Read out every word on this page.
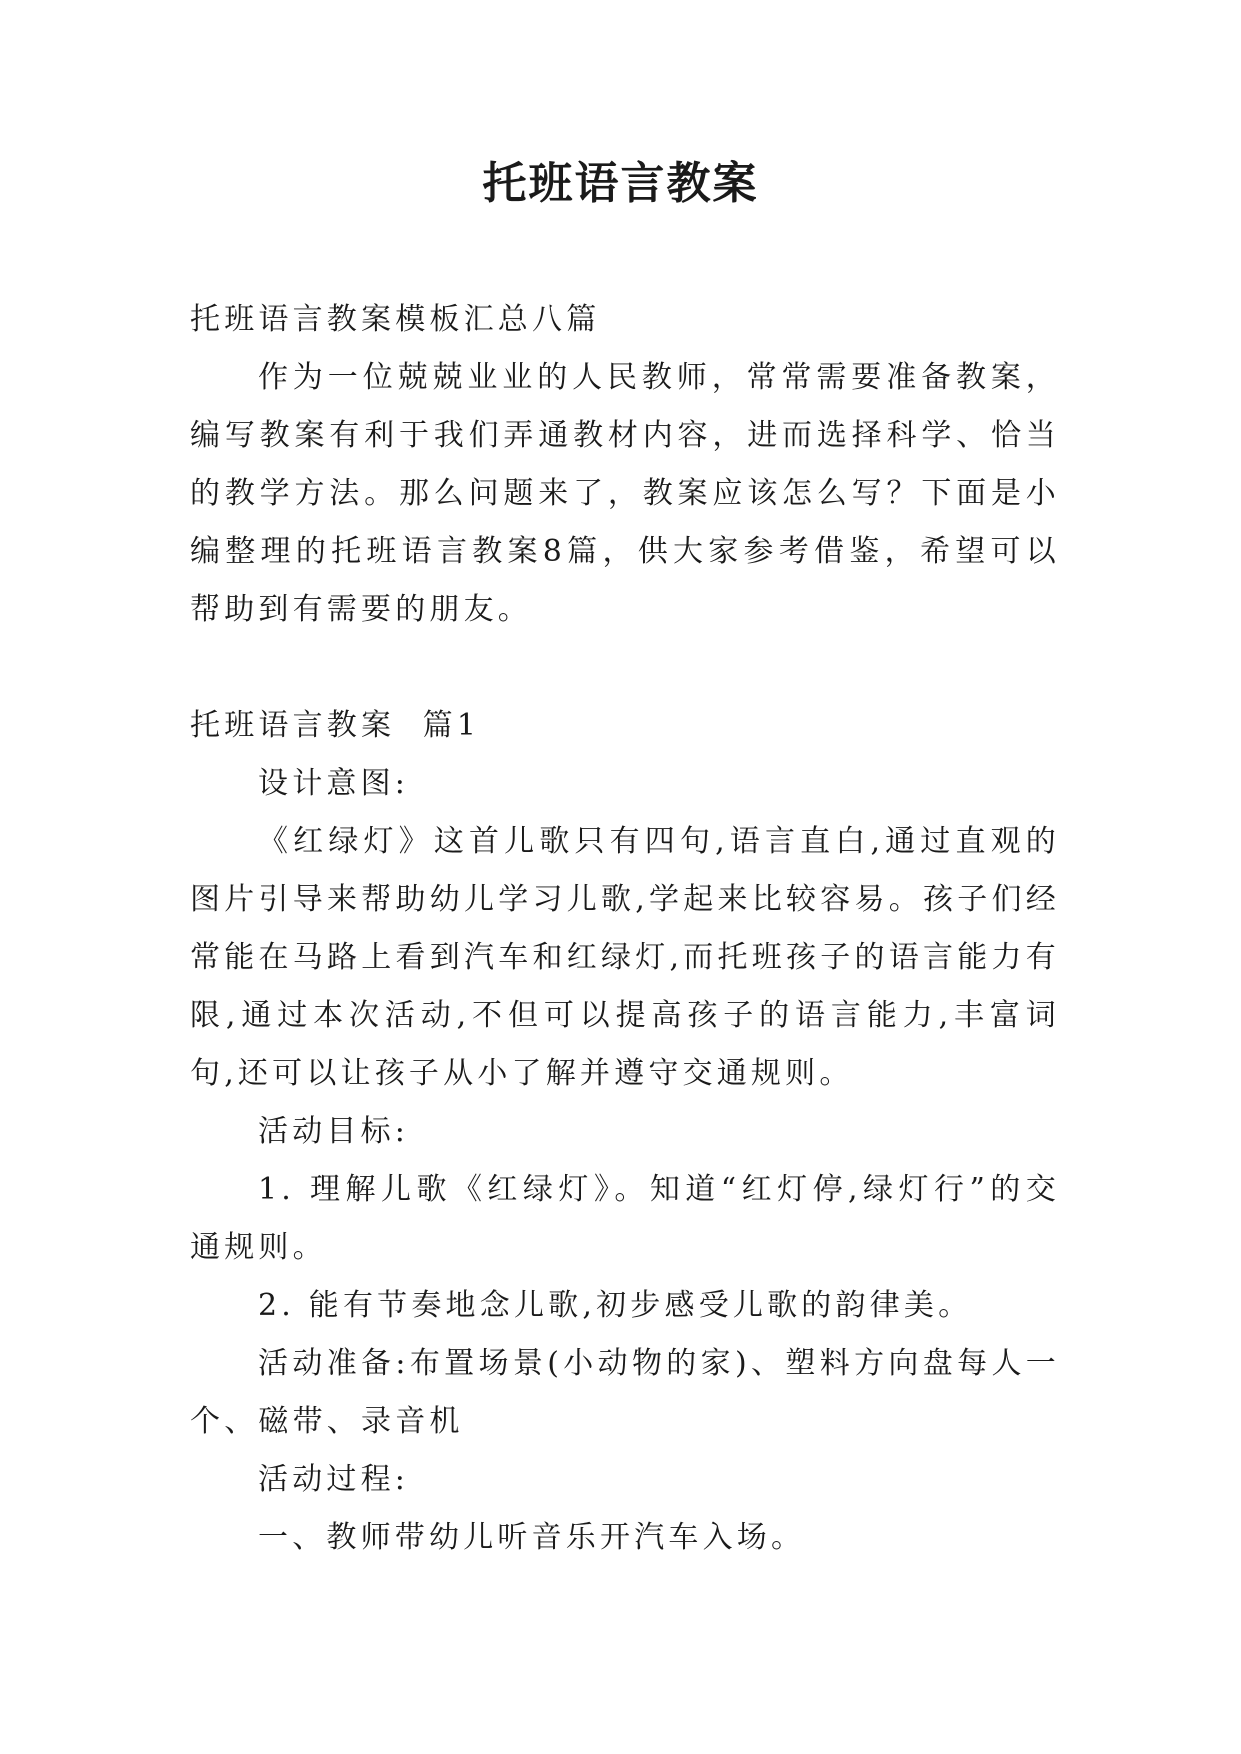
托班语言教案

托班语言教案模板汇总八篇

作为一位兢兢业业的人民教师，常常需要准备教案，编写教案有利于我们弄通教材内容，进而选择科学、恰当的教学方法。那么问题来了，教案应该怎么写？下面是小编整理的托班语言教案8篇，供大家参考借鉴，希望可以帮助到有需要的朋友。

托班语言教案  篇1

设计意图:

《红绿灯》这首儿歌只有四句,语言直白,通过直观的图片引导来帮助幼儿学习儿歌,学起来比较容易。孩子们经常能在马路上看到汽车和红绿灯,而托班孩子的语言能力有限,通过本次活动,不但可以提高孩子的语言能力,丰富词句,还可以让孩子从小了解并遵守交通规则。

活动目标:

1. 理解儿歌《红绿灯》。知道“红灯停,绿灯行”的交通规则。

2. 能有节奏地念儿歌,初步感受儿歌的韵律美。

活动准备:布置场景(小动物的家)、塑料方向盘每人一个、磁带、录音机

活动过程:

一、教师带幼儿听音乐开汽车入场。
